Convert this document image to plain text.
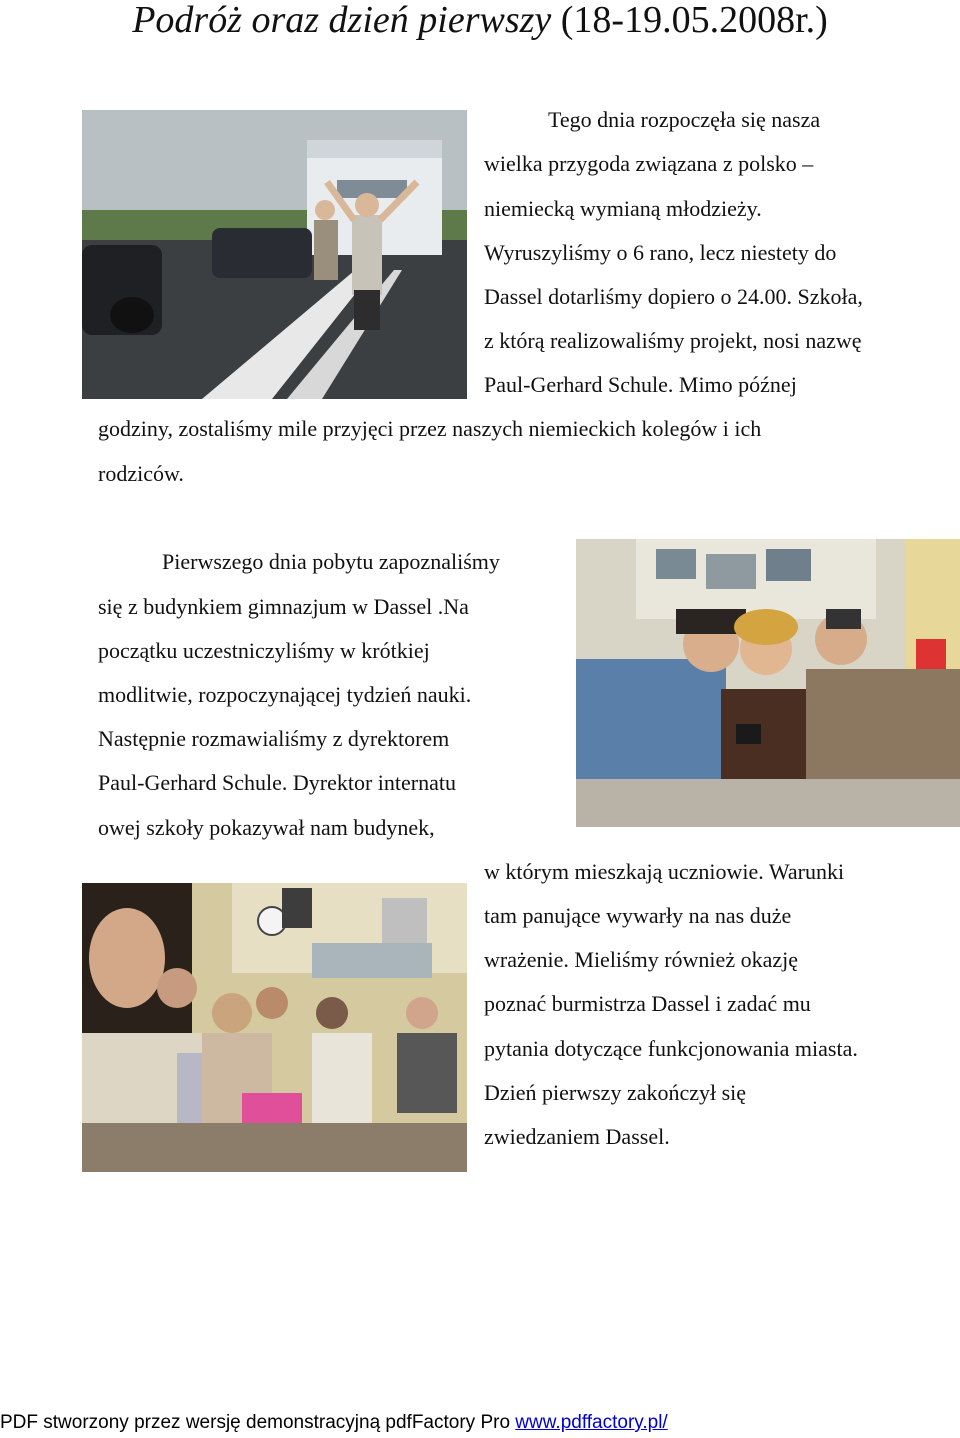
Podróż oraz dzień pierwszy (18-19.05.2008r.)
Tego dnia rozpoczęła się nasza
wielka przygoda związana z polsko –
niemiecką wymianą młodzieży.
Wyruszyliśmy o 6 rano, lecz niestety do
Dassel dotarliśmy dopiero o 24.00. Szkoła,
z którą realizowaliśmy projekt, nosi nazwę
Paul-Gerhard Schule. Mimo późnej
godziny, zostaliśmy mile przyjęci przez naszych niemieckich kolegów i ich
rodziców.
Pierwszego dnia pobytu zapoznaliśmy
się z budynkiem gimnazjum w Dassel .Na
początku uczestniczyliśmy w krótkiej
modlitwie, rozpoczynającej tydzień nauki.
Następnie rozmawialiśmy z dyrektorem
Paul-Gerhard Schule. Dyrektor internatu
owej szkoły pokazywał nam budynek,
w którym mieszkają uczniowie. Warunki
tam panujące wywarły na nas duże
wrażenie. Mieliśmy również okazję
poznać burmistrza Dassel i zadać mu
pytania dotyczące funkcjonowania miasta.
Dzień pierwszy zakończył się
zwiedzaniem Dassel.
PDF stworzony przez wersję demonstracyjną pdfFactory Pro www.pdffactory.pl/
